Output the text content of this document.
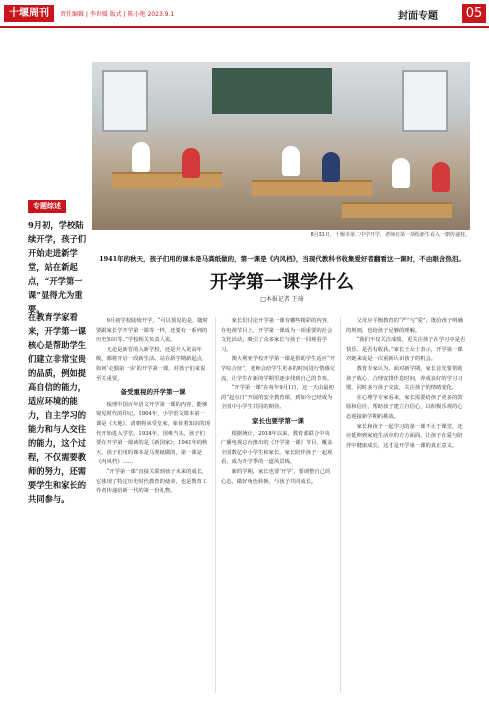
十堰周刊	责任编辑 | 李世媛 版式 | 陈小艳 2023.9.1	封面专题 05
8月31日，十堰市第二中学开学，老师在第一项绘新生看入一朝传递桂。
专题综述
9月初，学校陆续开学，孩子们开始走进新学堂，站在新起点，“开学第一课”显得尤为重要。
在教育学家看来，开学第一课核心是帮助学生们建立非常宝贵的品质，例如提高自信的能力，适应环境的能力，自主学习的能力和与人交往的能力，这个过程，不仅需要教师的努力，还需要学生和家长的共同参与。
1941年的秋天，孩子们用的课本是马粪纸做的，第一课是《内风档》，当现代教科书收集爱好者翻看这一课时，不由眼含热泪。
开学第一课学什么
□本报记者 王琦

9月初学校陆续开学，“可以预见的是，随时要跟家长学开学第一课等一样，还要有一系列的历史知识等。”学校相关负责人说。

无论是新晋的入新学校，还是升入更高年级，都将开启一段新生活。站在新学期新起点，如何‘走独第一步’的开学第一课，对孩子们来说至关重要。

备受重视的开学第一课

梳理中国百年语文开学第一课的内容，能够窥见时代的印记。1904年，小学语文课本第一课是《天地》，清朝将承受皇家，象征着知识的现代开始进入学堂。1934年，国难当头，孩子们要在开学第一课读的是《新国家》；1941年的秋天，孩子们用的课本是马粪纸做的，第一课是《内风档》……

“开学第一课”直接关联到孩子未来的成长，它体现了特定历史时代教育的使命，也是教育工作者传递给新一代的第一份礼物。

家长们讨论开学第一课有哪些精彩的内容，在电视节目上，开学第一课成为一项重要的社会文化活动，吸引了众多家长与孩子一同观看学习。

澳大利亚学校开学第一课是帮助学生适应“开学综合征”，老师会给学生更多的时间进行情感交流，让学生在新的学期里逐步找到自己的节奏。

“开学第一课”在每年9月1日，这一天由最初的“起点日”开展的安全教育课，到如今已经成为全国中小学生共同的期待。

家长也要学第一课

根据统计，2018年以来，教育部联合中央广播电视总台推出的《开学第一课》节目，覆盖全国数亿中小学生和家长，家长陪伴孩子一起观看，成为开学季的一道风景线。

新的学期，家长也要‘开学’，要调整自己的心态，做好角色转换，与孩子共同成长。

父母应平衡教育的“严”与“爱”，既给孩子明确的规则，也给孩子足够的理解。

“我们不仅关注成绩，更关注孩子在学习中是否快乐、是否有收获。”家长王女士表示，开学第一课对她来说是一次重新认识孩子的机会。

教育专家认为，面对新学期，家长首先要帮助孩子收心，合理安排作息时间，养成良好的学习习惯，同时多与孩子交流，关注孩子的情绪变化。

在心理学专家看来，家长需要给孩子更多的鼓励和信任，帮助孩子建立自信心，以积极乐观的心态迎接新学期的挑战。

家长和孩子一起学习的第一课不止于课堂，还应延伸到家庭生活中的方方面面，让孩子在爱与陪伴中健康成长，这才是开学第一课的真正意义。
